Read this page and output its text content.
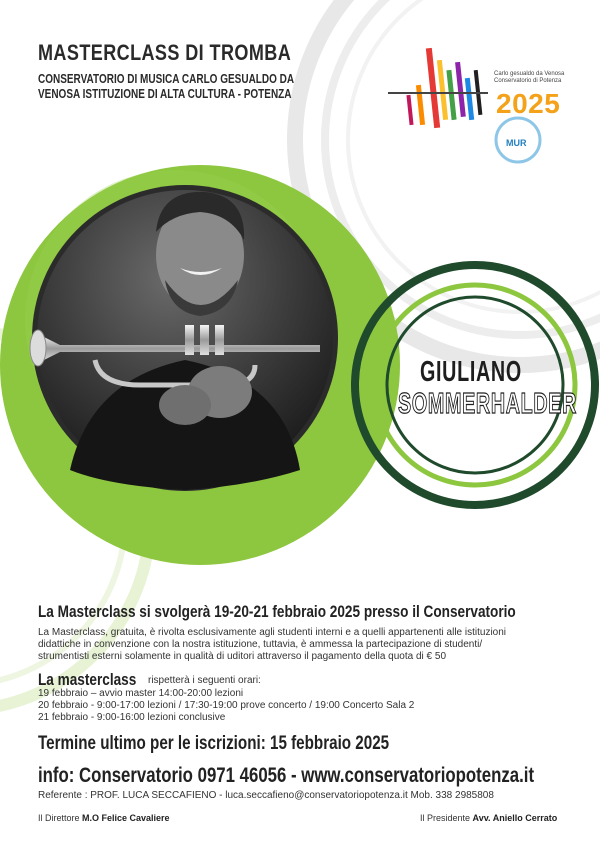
MASTERCLASS DI TROMBA
CONSERVATORIO DI MUSICA CARLO GESUALDO DA
VENOSA ISTITUZIONE DI ALTA CULTURA - POTENZA
Carlo gesualdo da Venosa
Conservatorio di Potenza
2025
MUR
GIULIANO
SOMMERHALDER
La Masterclass si svolgerà 19-20-21 febbraio 2025 presso il Conservatorio
La Masterclass, gratuita, è rivolta esclusivamente agli studenti interni e a quelli appartenenti alle istituzioni
didattiche in convenzione con la nostra istituzione, tuttavia, è ammessa la partecipazione di studenti/
strumentisti esterni solamente in qualità di uditori attraverso il pagamento della quota di € 50
La masterclass rispetterà i seguenti orari:
19 febbraio – avvio master 14:00-20:00 lezioni
20 febbraio - 9:00-17:00 lezioni / 17:30-19:00 prove concerto / 19:00 Concerto Sala 2
21 febbraio - 9:00-16:00 lezioni conclusive
Termine ultimo per le iscrizioni: 15 febbraio 2025
info: Conservatorio 0971 46056 - www.conservatoriopotenza.it
Referente : PROF. LUCA SECCAFIENO - luca.seccafieno@conservatoriopotenza.it Mob. 338 2985808
Il Direttore M.O Felice Cavaliere	Il Presidente Avv. Aniello Cerrato
